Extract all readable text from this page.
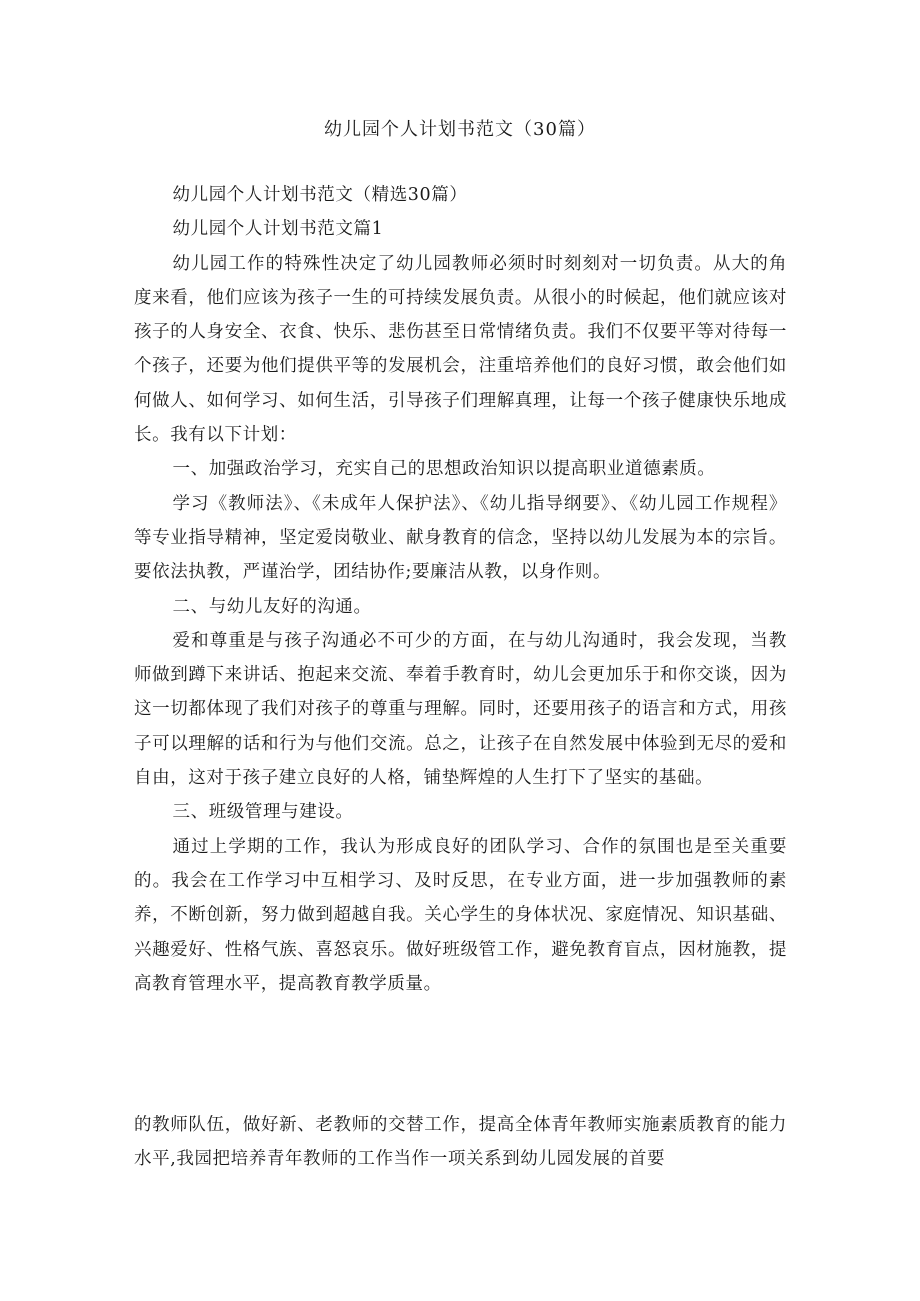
幼儿园个人计划书范文（30篇）

幼儿园个人计划书范文（精选30篇）

幼儿园个人计划书范文篇1

幼儿园工作的特殊性决定了幼儿园教师必须时时刻刻对一切负责。从大的角度来看，他们应该为孩子一生的可持续发展负责。从很小的时候起，他们就应该对孩子的人身安全、衣食、快乐、悲伤甚至日常情绪负责。我们不仅要平等对待每一个孩子，还要为他们提供平等的发展机会，注重培养他们的良好习惯，敢会他们如何做人、如何学习、如何生活，引导孩子们理解真理，让每一个孩子健康快乐地成长。我有以下计划：

一、加强政治学习，充实自己的思想政治知识以提高职业道德素质。

学习《教师法》、《未成年人保护法》、《幼儿指导纲要》、《幼儿园工作规程》等专业指导精神，坚定爱岗敬业、献身教育的信念，坚持以幼儿发展为本的宗旨。要依法执教，严谨治学，团结协作;要廉洁从教，以身作则。

二、与幼儿友好的沟通。

爱和尊重是与孩子沟通必不可少的方面，在与幼儿沟通时，我会发现，当教师做到蹲下来讲话、抱起来交流、奉着手教育时，幼儿会更加乐于和你交谈，因为这一切都体现了我们对孩子的尊重与理解。同时，还要用孩子的语言和方式，用孩子可以理解的话和行为与他们交流。总之，让孩子在自然发展中体验到无尽的爱和自由，这对于孩子建立良好的人格，铺垫辉煌的人生打下了坚实的基础。

三、班级管理与建设。

通过上学期的工作，我认为形成良好的团队学习、合作的氛围也是至关重要的。我会在工作学习中互相学习、及时反思，在专业方面，进一步加强教师的素养，不断创新，努力做到超越自我。关心学生的身体状况、家庭情况、知识基础、兴趣爱好、性格气族、喜怒哀乐。做好班级管工作，避免教育盲点，因材施教，提高教育管理水平，提高教育教学质量。

的教师队伍，做好新、老教师的交替工作，提高全体青年教师实施素质教育的能力水平,我园把培养青年教师的工作当作一项关系到幼儿园发展的首要
